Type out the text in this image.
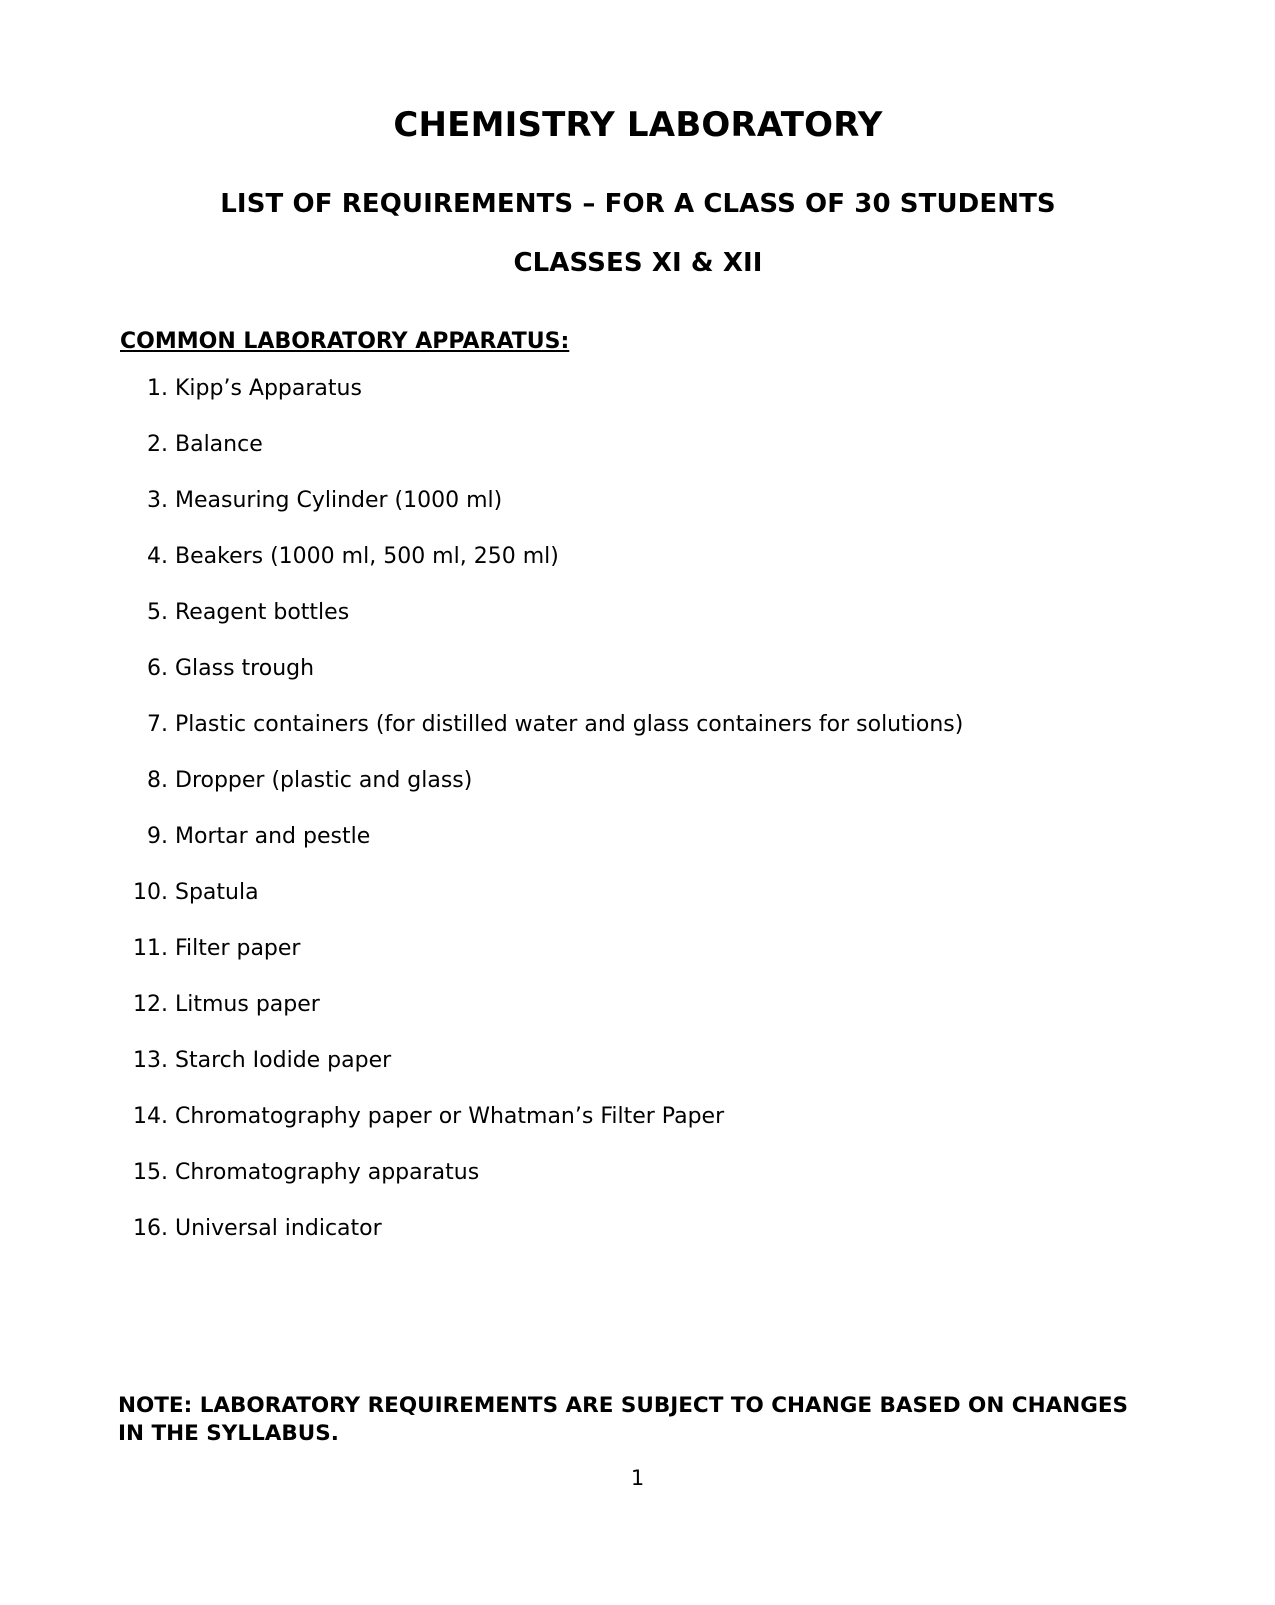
CHEMISTRY LABORATORY
LIST OF REQUIREMENTS – FOR A CLASS OF 30 STUDENTS
CLASSES XI & XII
COMMON LABORATORY APPARATUS:
1. Kipp’s Apparatus
2. Balance
3. Measuring Cylinder (1000 ml)
4. Beakers (1000 ml, 500 ml, 250 ml)
5. Reagent bottles
6. Glass trough
7. Plastic containers (for distilled water and glass containers for solutions)
8. Dropper (plastic and glass)
9. Mortar and pestle
10. Spatula
11. Filter paper
12. Litmus paper
13. Starch Iodide paper
14. Chromatography paper or Whatman’s Filter Paper
15. Chromatography apparatus
16. Universal indicator
NOTE: LABORATORY REQUIREMENTS ARE SUBJECT TO CHANGE BASED ON CHANGES IN THE SYLLABUS.
1
